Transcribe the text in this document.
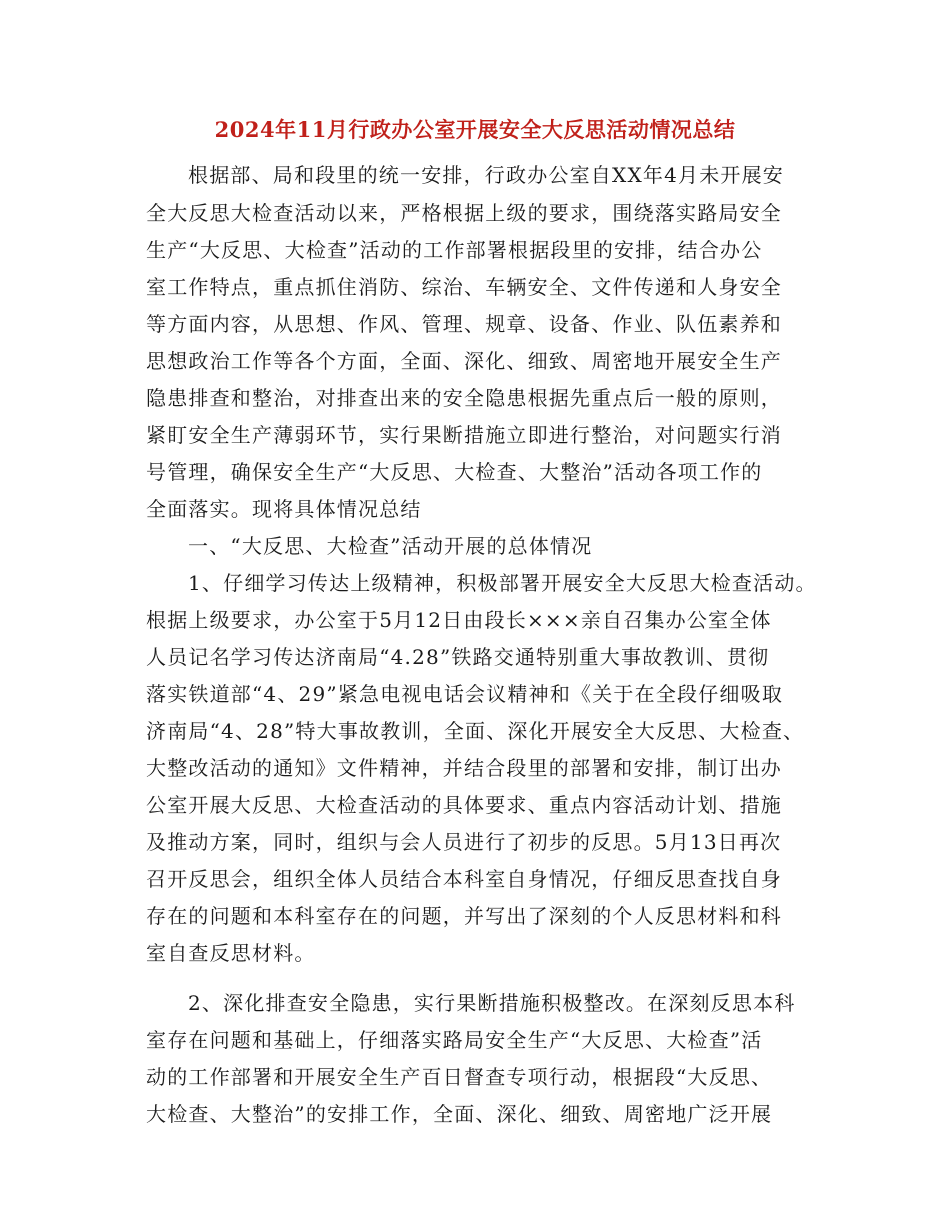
2024年11月行政办公室开展安全大反思活动情况总结
根据部、局和段里的统一安排，行政办公室自XX年4月未开展安
全大反思大检查活动以来，严格根据上级的要求，围绕落实路局安全
生产“大反思、大检查”活动的工作部署根据段里的安排，结合办公
室工作特点，重点抓住消防、综治、车辆安全、文件传递和人身安全
等方面内容，从思想、作风、管理、规章、设备、作业、队伍素养和
思想政治工作等各个方面，全面、深化、细致、周密地开展安全生产
隐患排查和整治，对排查出来的安全隐患根据先重点后一般的原则，
紧盯安全生产薄弱环节，实行果断措施立即进行整治，对问题实行消
号管理，确保安全生产“大反思、大检查、大整治”活动各项工作的
全面落实。现将具体情况总结
一、“大反思、大检查”活动开展的总体情况
1、仔细学习传达上级精神，积极部署开展安全大反思大检查活动。
根据上级要求，办公室于5月12日由段长×××亲自召集办公室全体
人员记名学习传达济南局“4.28”铁路交通特别重大事故教训、贯彻
落实铁道部“4、29”紧急电视电话会议精神和《关于在全段仔细吸取
济南局“4、28”特大事故教训，全面、深化开展安全大反思、大检查、
大整改活动的通知》文件精神，并结合段里的部署和安排，制订出办
公室开展大反思、大检查活动的具体要求、重点内容活动计划、措施
及推动方案，同时，组织与会人员进行了初步的反思。5月13日再次
召开反思会，组织全体人员结合本科室自身情况，仔细反思查找自身
存在的问题和本科室存在的问题，并写出了深刻的个人反思材料和科
室自查反思材料。
2、深化排查安全隐患，实行果断措施积极整改。在深刻反思本科
室存在问题和基础上，仔细落实路局安全生产“大反思、大检查”活
动的工作部署和开展安全生产百日督查专项行动，根据段“大反思、
大检查、大整治”的安排工作，全面、深化、细致、周密地广泛开展
